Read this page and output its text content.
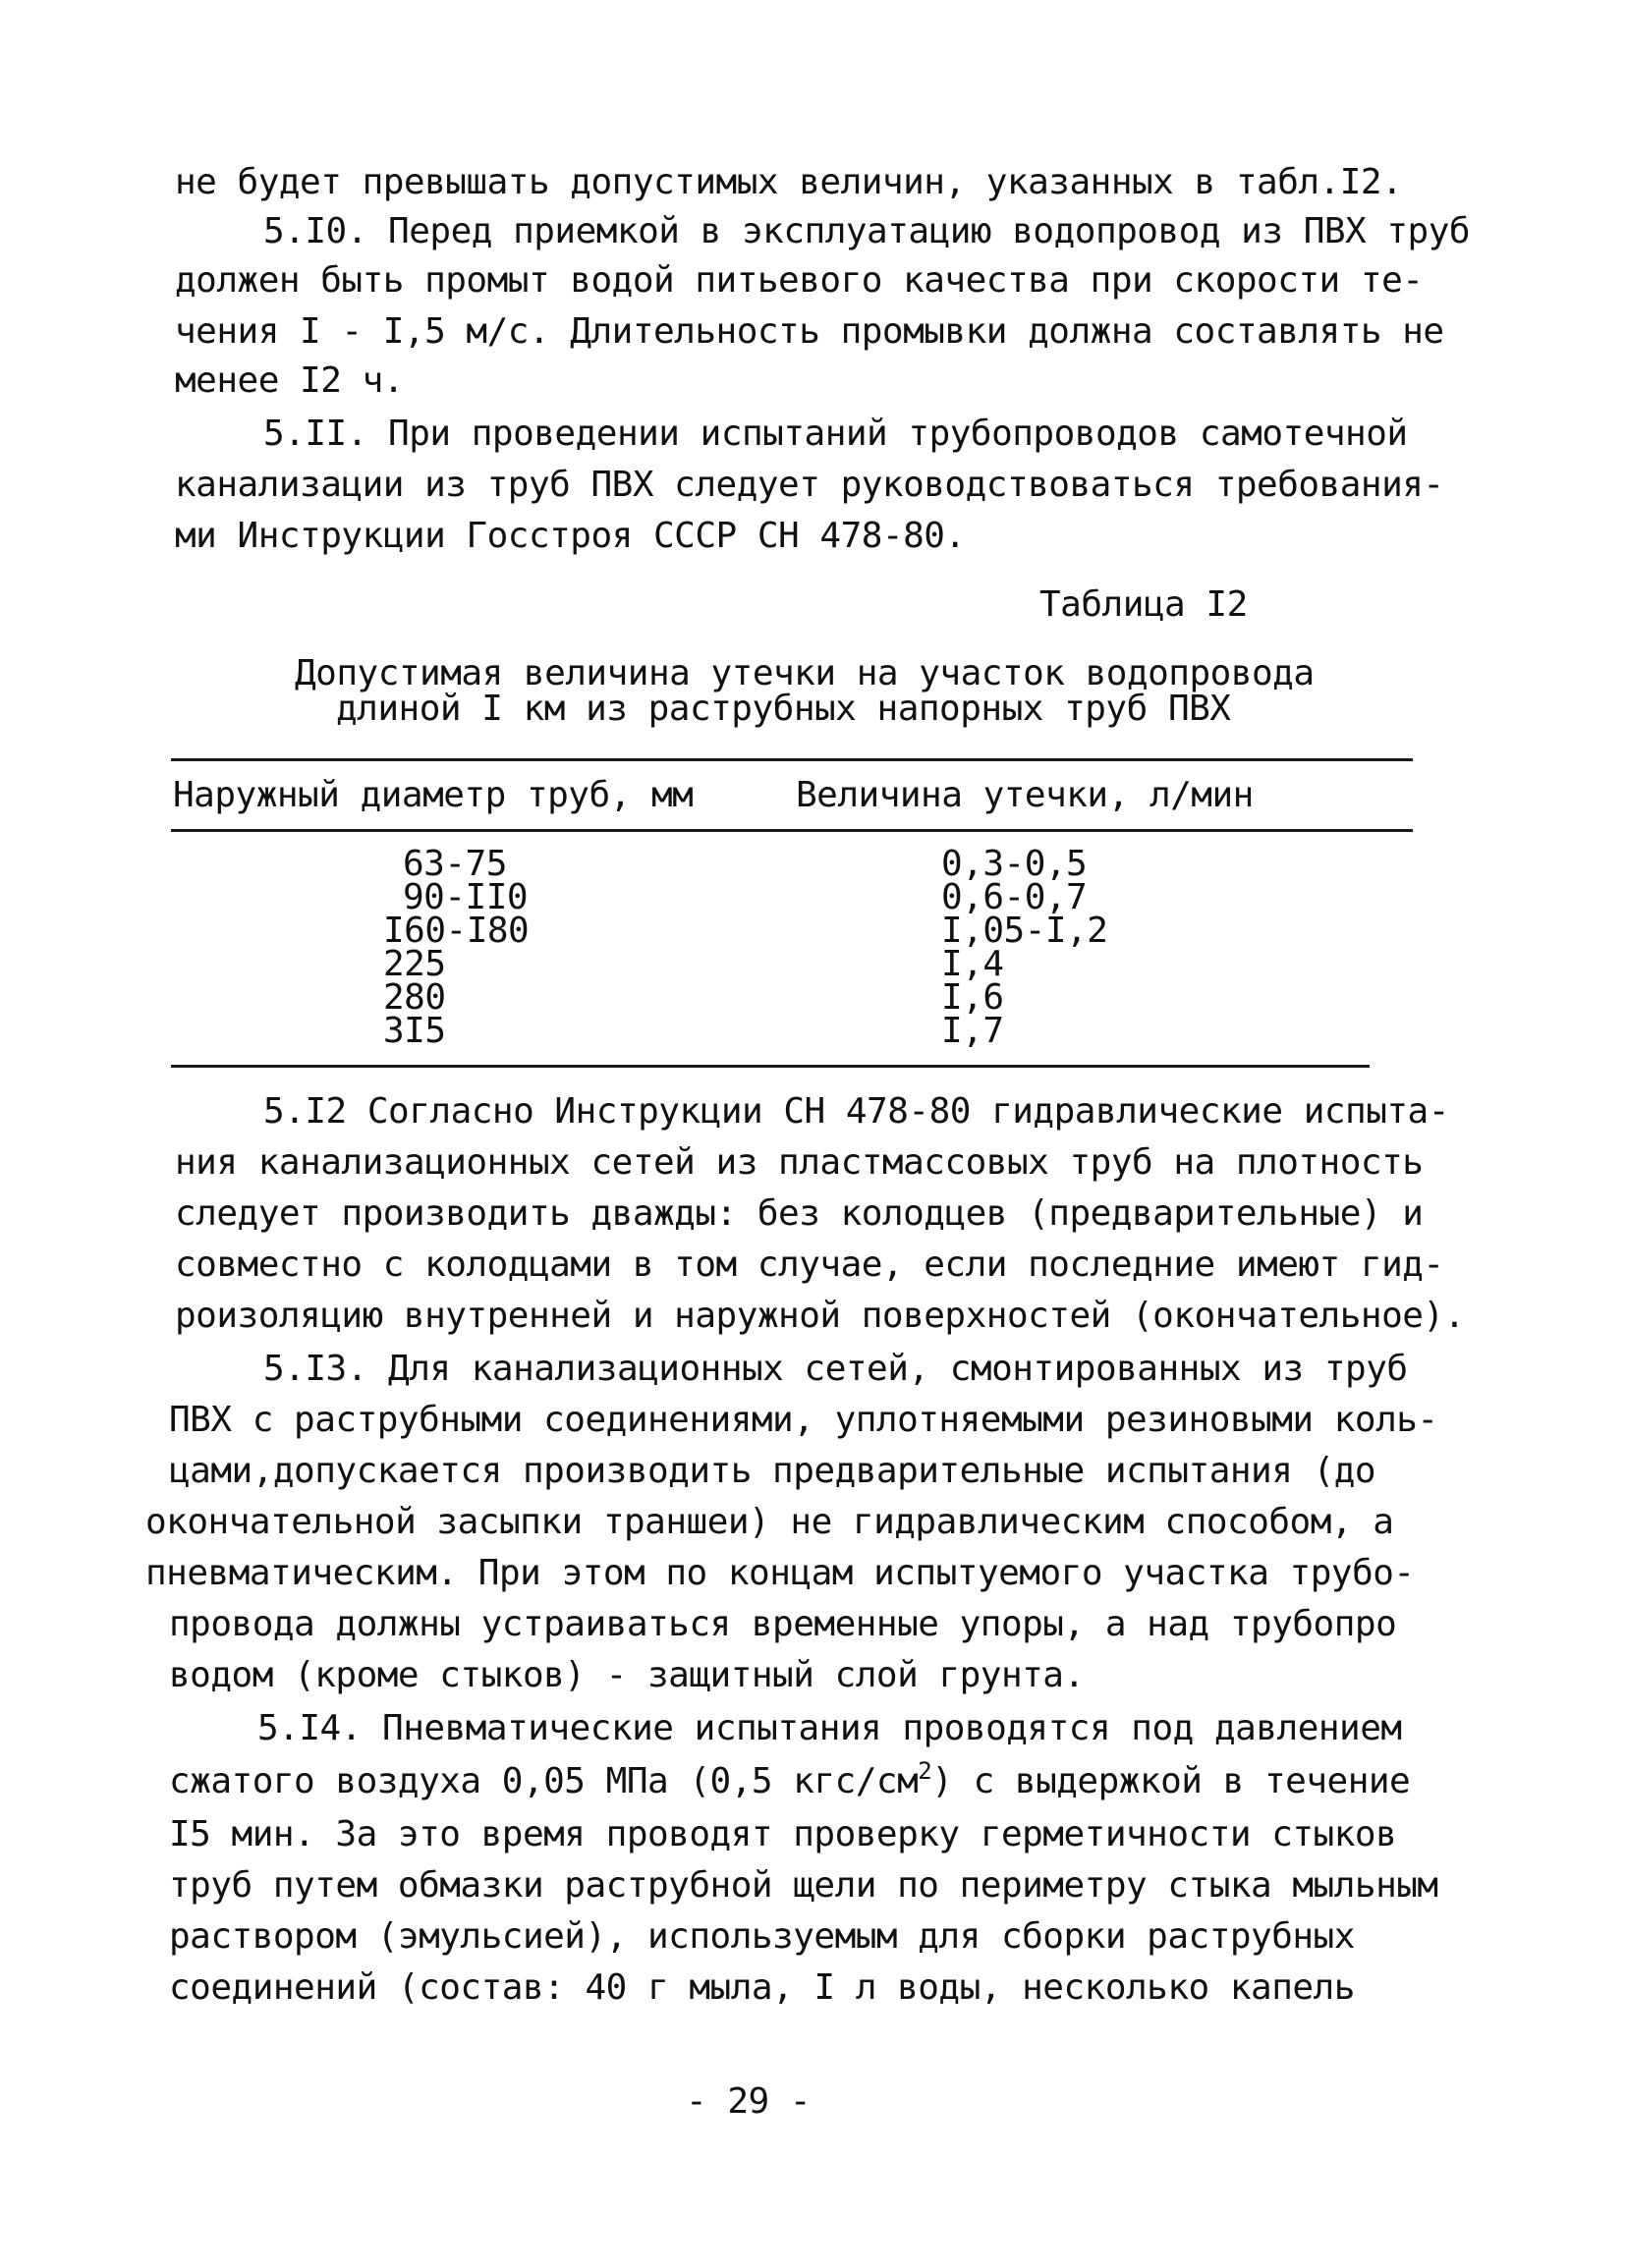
не будет превышать допустимых величин, указанных в табл.I2.
5.I0. Перед приемкой в эксплуатацию водопровод из ПВХ труб
должен быть промыт водой питьевого качества при скорости те-
чения I - I,5 м/с. Длительность промывки должна составлять не
менее I2 ч.
5.II. При проведении испытаний трубопроводов самотечной
канализации из труб ПВХ следует руководствоваться требования-
ми Инструкции Госстроя СССР СН 478-80.
Таблица I2
Допустимая величина утечки на участок водопровода
длиной I км из раструбных напорных труб ПВХ
Наружный диаметр труб, мм	Величина утечки, л/мин
63-75	0,3-0,5
90-II0	0,6-0,7
I60-I80	I,05-I,2
225	I,4
280	I,6
3I5	I,7
5.I2 Согласно Инструкции СН 478-80 гидравлические испыта-
ния канализационных сетей из пластмассовых труб на плотность
следует производить дважды: без колодцев (предварительные) и
совместно с колодцами в том случае, если последние имеют гид-
роизоляцию внутренней и наружной поверхностей (окончательное).
5.I3. Для канализационных сетей, смонтированных из труб
ПВХ с раструбными соединениями, уплотняемыми резиновыми коль-
цами,допускается производить предварительные испытания (до
окончательной засыпки траншеи) не гидравлическим способом, а
пневматическим. При этом по концам испытуемого участка трубо-
провода должны устраиваться временные упоры, а над трубопро
водом (кроме стыков) - защитный слой грунта.
5.I4. Пневматические испытания проводятся под давлением
сжатого воздуха 0,05 МПа (0,5 кгс/$см^2$) с выдержкой в течение
I5 мин. За это время проводят проверку герметичности стыков
труб путем обмазки раструбной щели по периметру стыка мыльным
раствором (эмульсией), используемым для сборки раструбных
соединений (состав: 40 г мыла, I л воды, несколько капель
- 29 -
